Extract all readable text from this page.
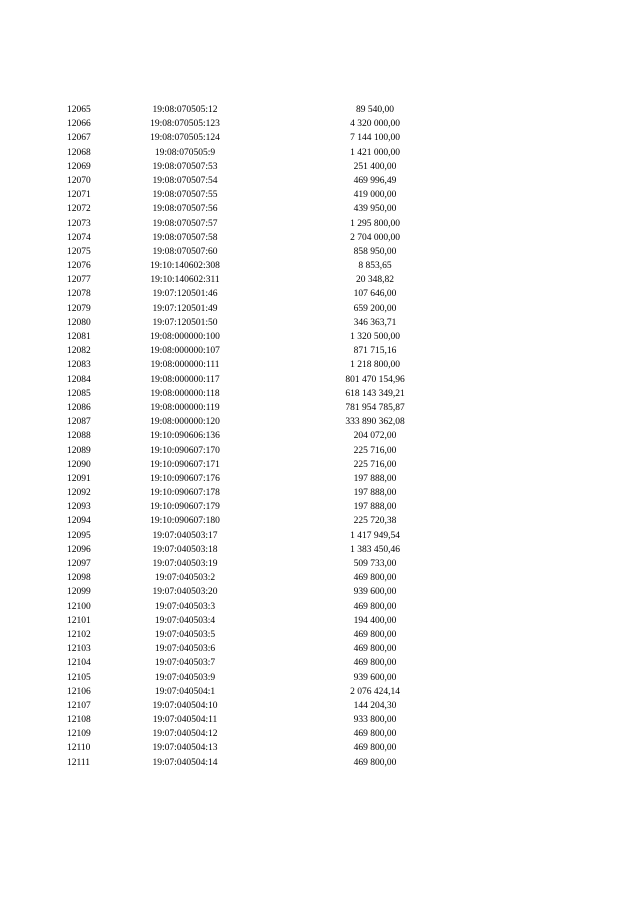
12065	19:08:070505:12	89 540,00
12066	19:08:070505:123	4 320 000,00
12067	19:08:070505:124	7 144 100,00
12068	19:08:070505:9	1 421 000,00
12069	19:08:070507:53	251 400,00
12070	19:08:070507:54	469 996,49
12071	19:08:070507:55	419 000,00
12072	19:08:070507:56	439 950,00
12073	19:08:070507:57	1 295 800,00
12074	19:08:070507:58	2 704 000,00
12075	19:08:070507:60	858 950,00
12076	19:10:140602:308	8 853,65
12077	19:10:140602:311	20 348,82
12078	19:07:120501:46	107 646,00
12079	19:07:120501:49	659 200,00
12080	19:07:120501:50	346 363,71
12081	19:08:000000:100	1 320 500,00
12082	19:08:000000:107	871 715,16
12083	19:08:000000:111	1 218 800,00
12084	19:08:000000:117	801 470 154,96
12085	19:08:000000:118	618 143 349,21
12086	19:08:000000:119	781 954 785,87
12087	19:08:000000:120	333 890 362,08
12088	19:10:090606:136	204 072,00
12089	19:10:090607:170	225 716,00
12090	19:10:090607:171	225 716,00
12091	19:10:090607:176	197 888,00
12092	19:10:090607:178	197 888,00
12093	19:10:090607:179	197 888,00
12094	19:10:090607:180	225 720,38
12095	19:07:040503:17	1 417 949,54
12096	19:07:040503:18	1 383 450,46
12097	19:07:040503:19	509 733,00
12098	19:07:040503:2	469 800,00
12099	19:07:040503:20	939 600,00
12100	19:07:040503:3	469 800,00
12101	19:07:040503:4	194 400,00
12102	19:07:040503:5	469 800,00
12103	19:07:040503:6	469 800,00
12104	19:07:040503:7	469 800,00
12105	19:07:040503:9	939 600,00
12106	19:07:040504:1	2 076 424,14
12107	19:07:040504:10	144 204,30
12108	19:07:040504:11	933 800,00
12109	19:07:040504:12	469 800,00
12110	19:07:040504:13	469 800,00
12111	19:07:040504:14	469 800,00
